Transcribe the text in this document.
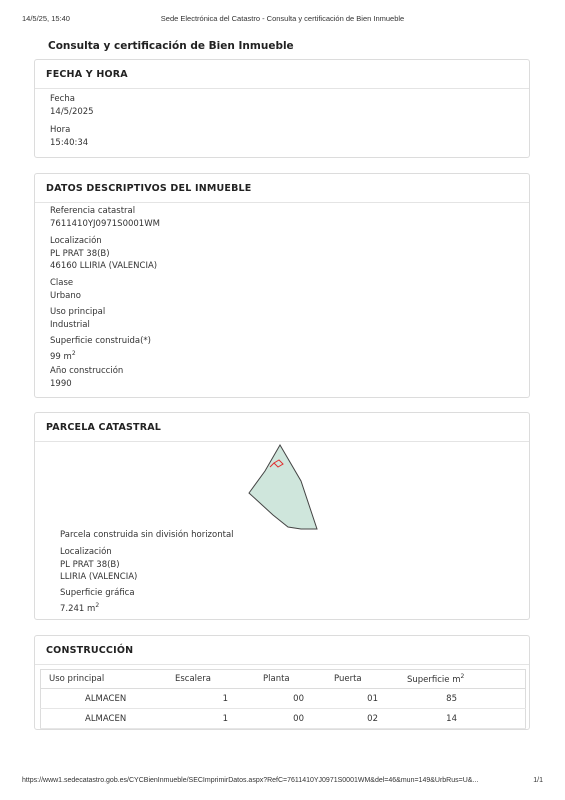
14/5/25, 15:40	Sede Electrónica del Catastro - Consulta y certificación de Bien Inmueble
Consulta y certificación de Bien Inmueble
FECHA Y HORA
Fecha
14/5/2025
Hora
15:40:34
DATOS DESCRIPTIVOS DEL INMUEBLE
Referencia catastral
7611410YJ0971S0001WM
Localización
PL PRAT 38(B)
46160 LLIRIA (VALENCIA)
Clase
Urbano
Uso principal
Industrial
Superficie construida(*)
99 $m^2$
Año construcción
1990
PARCELA CATASTRAL
Parcela construida sin división horizontal
Localización
PL PRAT 38(B)
LLIRIA (VALENCIA)
Superficie gráfica
7.241 $m^2$
CONSTRUCCIÓN
Uso principal	Escalera	Planta	Puerta	Superficie $m^2$
ALMACEN	1	00	01	85
ALMACEN	1	00	02	14
https://www1.sedecatastro.gob.es/CYCBienInmueble/SECImprimirDatos.aspx?RefC=7611410YJ0971S0001WM&del=46&mun=149&UrbRus=U&...	1/1
